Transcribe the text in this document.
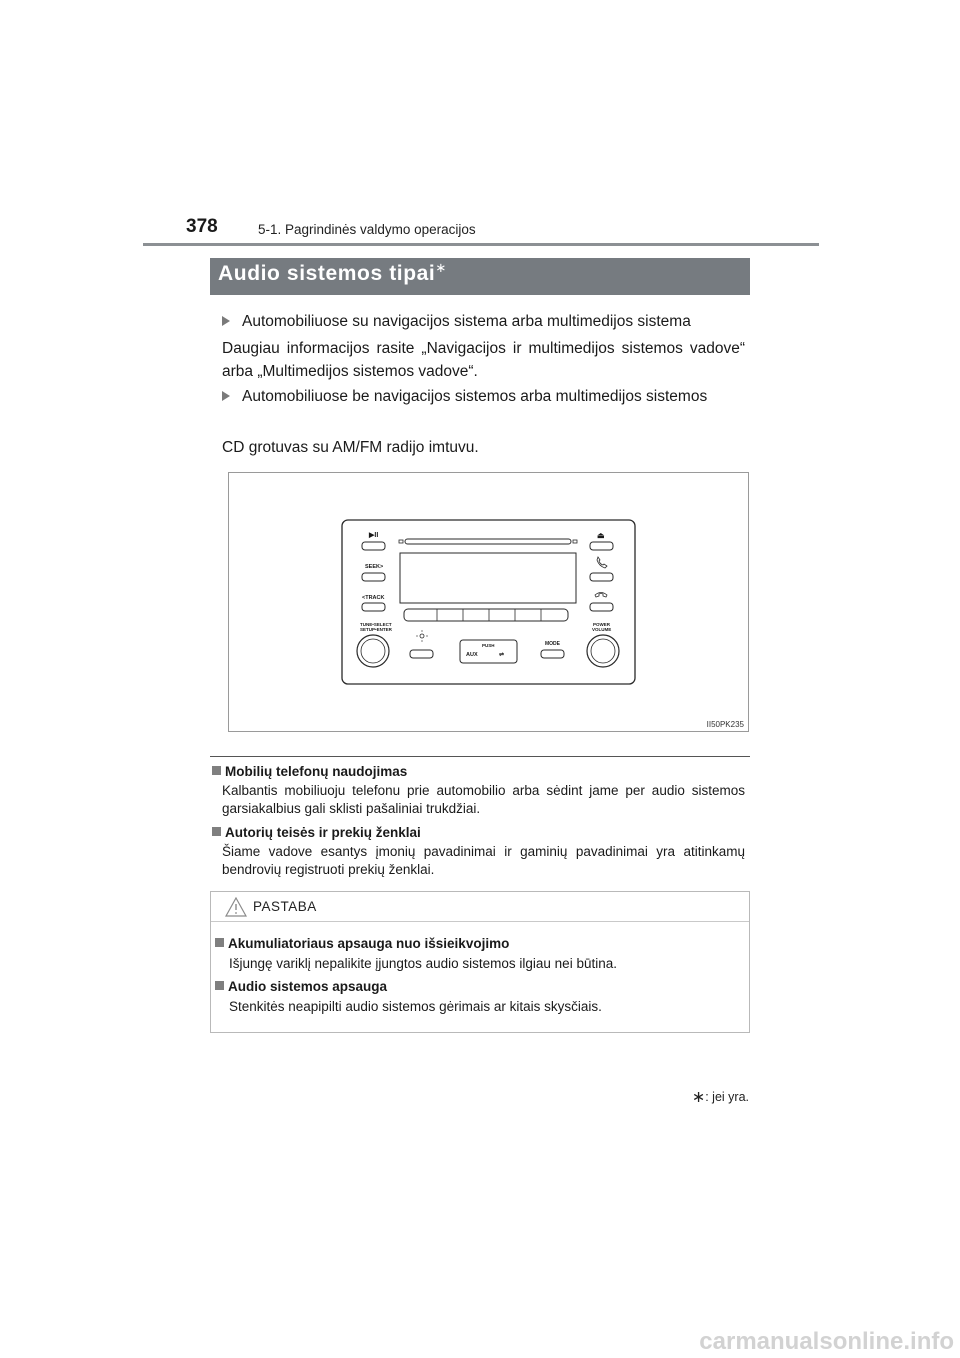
378	5-1. Pagrindinės valdymo operacijos
Audio sistemos tipai∗
Automobiliuose su navigacijos sistema arba multimedijos sistema
Daugiau informacijos rasite „Navigacijos ir multimedijos sistemos vadove“ arba „Multimedijos sistemos vadove“.
Automobiliuose be navigacijos sistemos arba multimedijos sistemos
CD grotuvas su AM/FM radijo imtuvu.
▶II	⏏
SEEK>
<TRACK
TUNE•SELECT
SETUP•ENTER
PUSH
AUX	⇌
MODE
POWER
VOLUME
II50PK235
Mobilių telefonų naudojimas
Kalbantis mobiliuoju telefonu prie automobilio arba sėdint jame per audio sistemos garsiakalbius gali sklisti pašaliniai trukdžiai.
Autorių teisės ir prekių ženklai
Šiame vadove esantys įmonių pavadinimai ir gaminių pavadinimai yra atitinkamų bendrovių registruoti prekių ženklai.
PASTABA
Akumuliatoriaus apsauga nuo išsieikvojimo
Išjungę variklį nepalikite įjungtos audio sistemos ilgiau nei būtina.
Audio sistemos apsauga
Stenkitės neapipilti audio sistemos gėrimais ar kitais skysčiais.
∗: jei yra.
carmanualsonline.info
